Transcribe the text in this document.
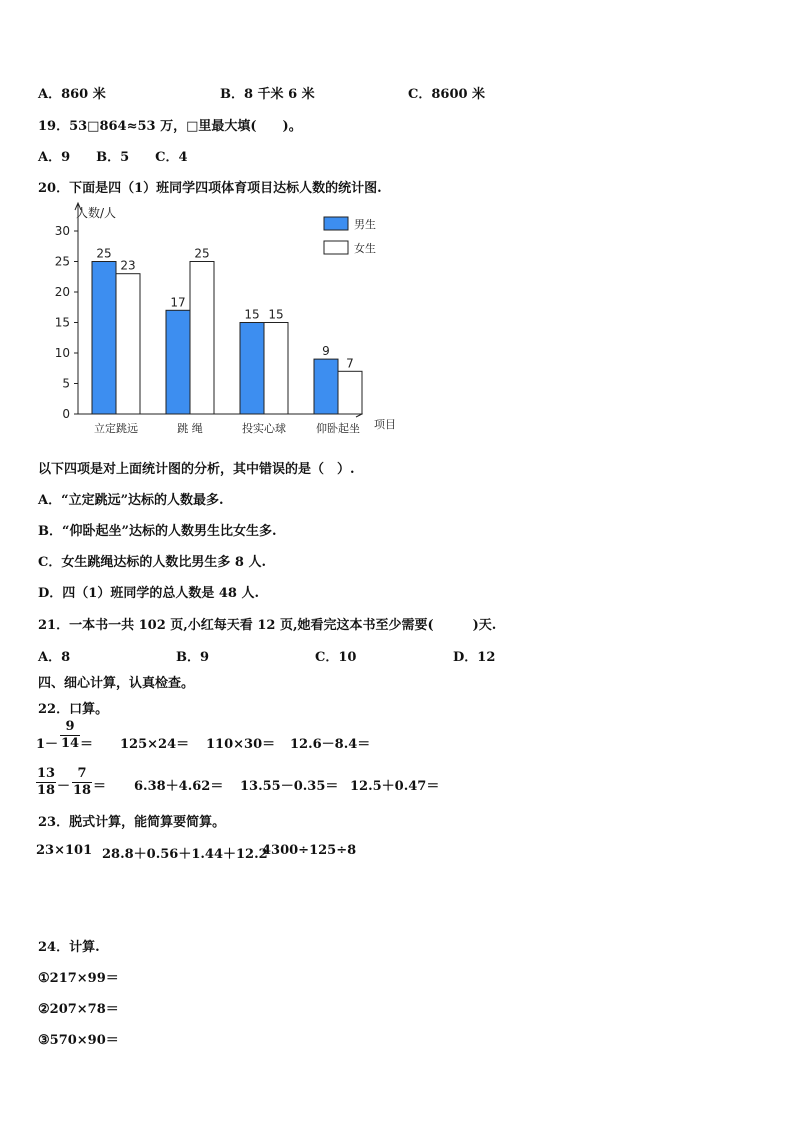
A．860 米	B．8 千米 6 米	C．8600 米
19．53□864≈53 万，□里最大填(　　)。
A．9　　B．5　　C．4
20．下面是四（1）班同学四项体育项目达标人数的统计图.
人数/人
项目
0
5
10
15
20
25
30
25
23
立定跳远
17
25
跳 绳
15 15
投实心球
9
7
仰卧起坐
男生
女生
以下四项是对上面统计图的分析，其中错误的是（　）.
A．“立定跳远”达标的人数最多.
B．“仰卧起坐”达标的人数男生比女生多.
C．女生跳绳达标的人数比男生多 8 人.
D．四（1）班同学的总人数是 48 人.
21．一本书一共 102 页,小红每天看 12 页,她看完这本书至少需要(　　　)天.
A．8	B．9	C．10	D．12
四、细心计算，认真检查。
22．口算。
$1- \frac{9}{14} = 125\times 24= 110\times 30= 12.6-8.4=$
$\frac{13}{18} - \frac{7}{18} = 6.38+4.62= 13.55-0.35= 12.5+0.47=$
23．脱式计算，能简算要简算。
23×101 28.8＋0.56＋1.44＋12.2
4300÷125÷8
24．计算.
①217×99＝
②207×78＝
③570×90＝
